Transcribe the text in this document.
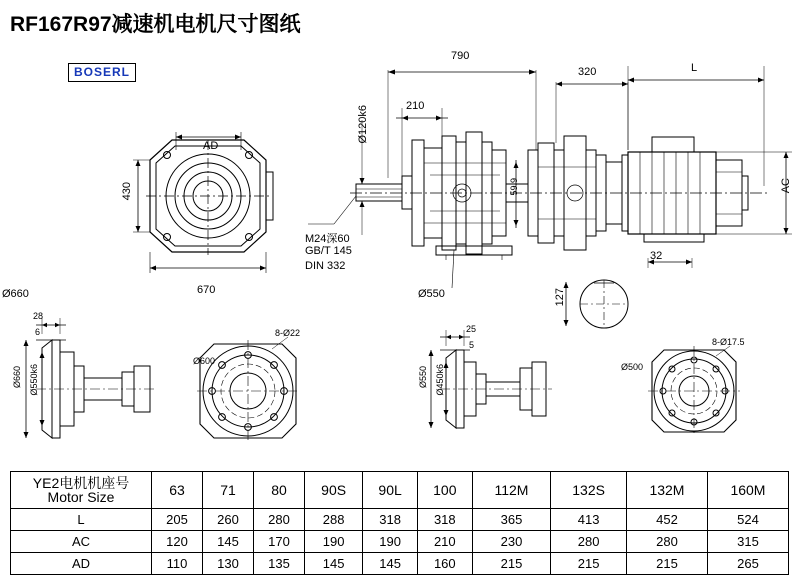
RF167R97减速机电机尺寸图纸
BOSERL
AD
430
670
790
320	L
210
Ø120k6
59.9	AC
M24深60
GB/T 145
DIN 332
Ø550
32
127
Ø660
28
6
Ø660 Ø550k6
Ø600
8-Ø22	25
5
Ø550 Ø450k6	Ø500
8-Ø17.5
YE2电机机座号
Motor Size	63	71	80	90S	90L	100	112M	132S	132M	160M
L	205	260	280	288	318	318	365	413	452	524
AC	120	145	170	190	190	210	230	280	280	315
AD	110	130	135	145	145	160	215	215	215	265
